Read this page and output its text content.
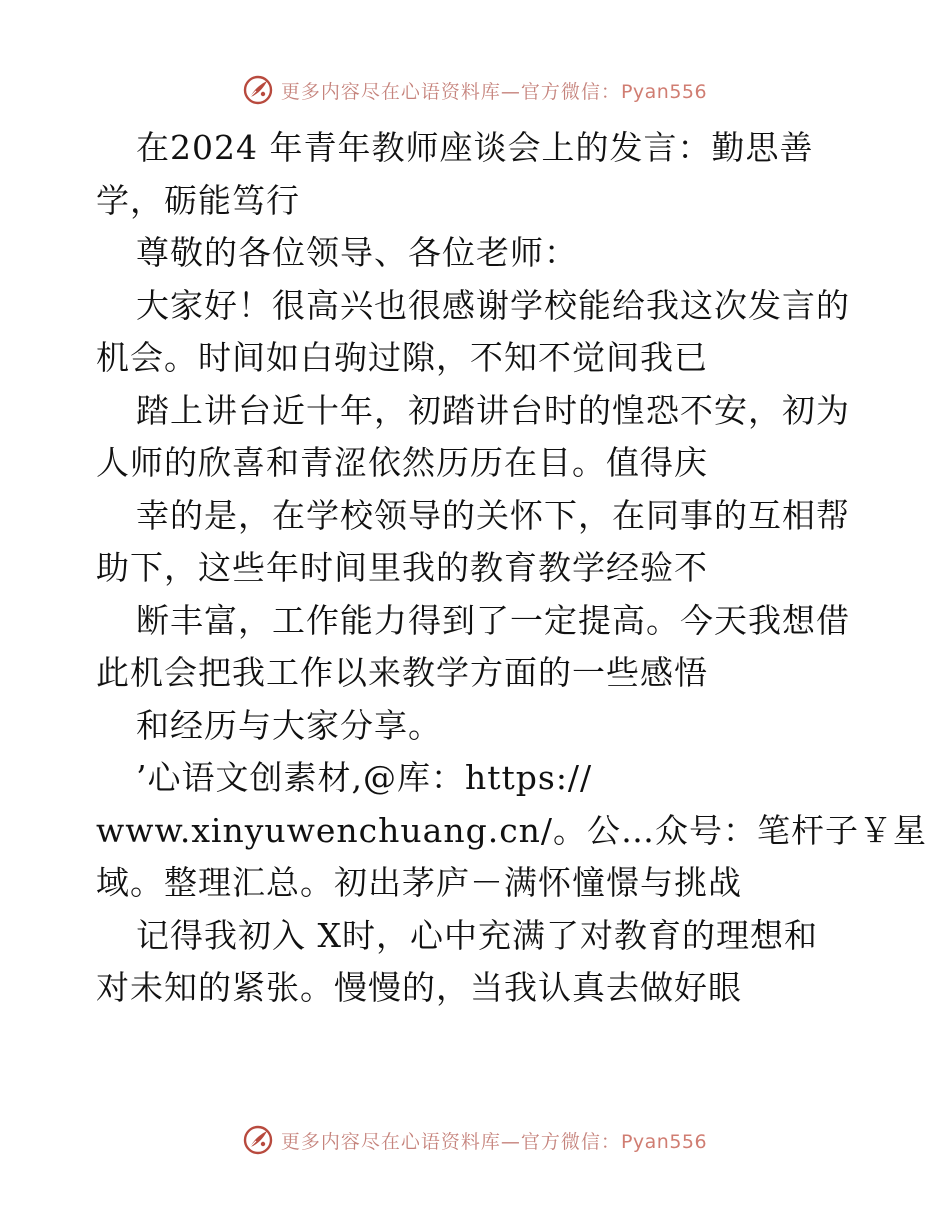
更多内容尽在心语资料库—官方微信：Pyan556
在2024 年青年教师座谈会上的发言：勤思善
学，砺能笃行
尊敬的各位领导、各位老师：
大家好！很高兴也很感谢学校能给我这次发言的
机会。时间如白驹过隙，不知不觉间我已
踏上讲台近十年，初踏讲台时的惶恐不安，初为
人师的欣喜和青涩依然历历在目。值得庆
幸的是，在学校领导的关怀下，在同事的互相帮
助下，这些年时间里我的教育教学经验不
断丰富，工作能力得到了一定提高。今天我想借
此机会把我工作以来教学方面的一些感悟
和经历与大家分享。
’心语文创素材,@库：https://
www.xinyuwenchuang.cn/。公…众号：笔杆子￥星
域。整理汇总。初出茅庐－满怀憧憬与挑战
记得我初入 X时，心中充满了对教育的理想和
对未知的紧张。慢慢的，当我认真去做好眼
更多内容尽在心语资料库—官方微信：Pyan556
